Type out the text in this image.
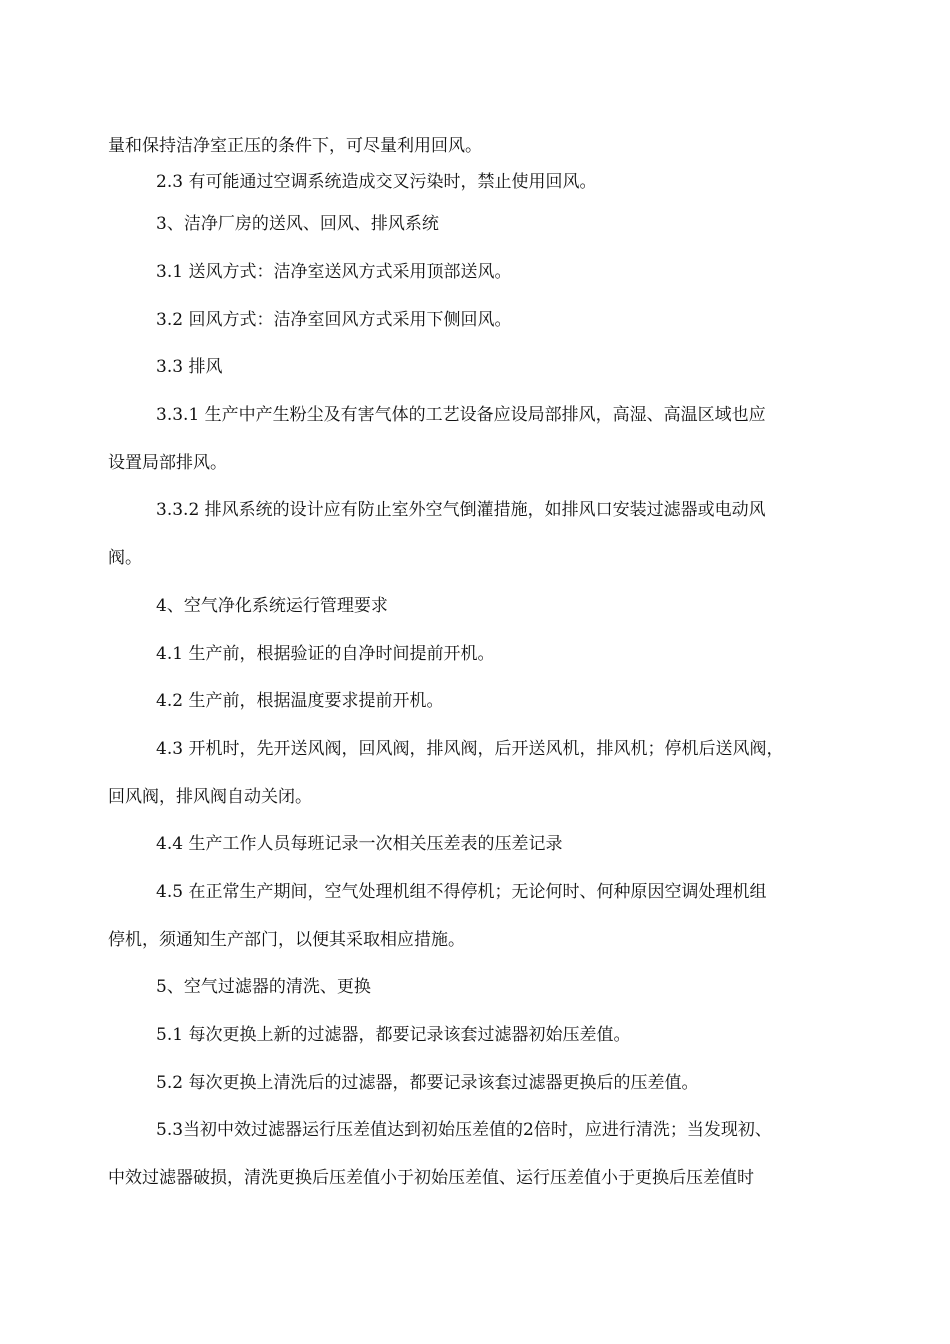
量和保持洁净室正压的条件下，可尽量利用回风。
2.3 有可能通过空调系统造成交叉污染时，禁止使用回风。
3、洁净厂房的送风、回风、排风系统
3.1 送风方式：洁净室送风方式采用顶部送风。
3.2 回风方式：洁净室回风方式采用下侧回风。
3.3 排风
3.3.1 生产中产生粉尘及有害气体的工艺设备应设局部排风，高湿、高温区域也应
设置局部排风。
3.3.2 排风系统的设计应有防止室外空气倒灌措施，如排风口安装过滤器或电动风
阀。
4、空气净化系统运行管理要求
4.1 生产前，根据验证的自净时间提前开机。
4.2 生产前，根据温度要求提前开机。
4.3 开机时，先开送风阀，回风阀，排风阀，后开送风机，排风机；停机后送风阀，
回风阀，排风阀自动关闭。
4.4 生产工作人员每班记录一次相关压差表的压差记录
4.5 在正常生产期间，空气处理机组不得停机；无论何时、何种原因空调处理机组
停机，须通知生产部门，以便其采取相应措施。
5、空气过滤器的清洗、更换
5.1 每次更换上新的过滤器，都要记录该套过滤器初始压差值。
5.2 每次更换上清洗后的过滤器，都要记录该套过滤器更换后的压差值。
5.3当初中效过滤器运行压差值达到初始压差值的2倍时，应进行清洗；当发现初、
中效过滤器破损，清洗更换后压差值小于初始压差值、运行压差值小于更换后压差值时
